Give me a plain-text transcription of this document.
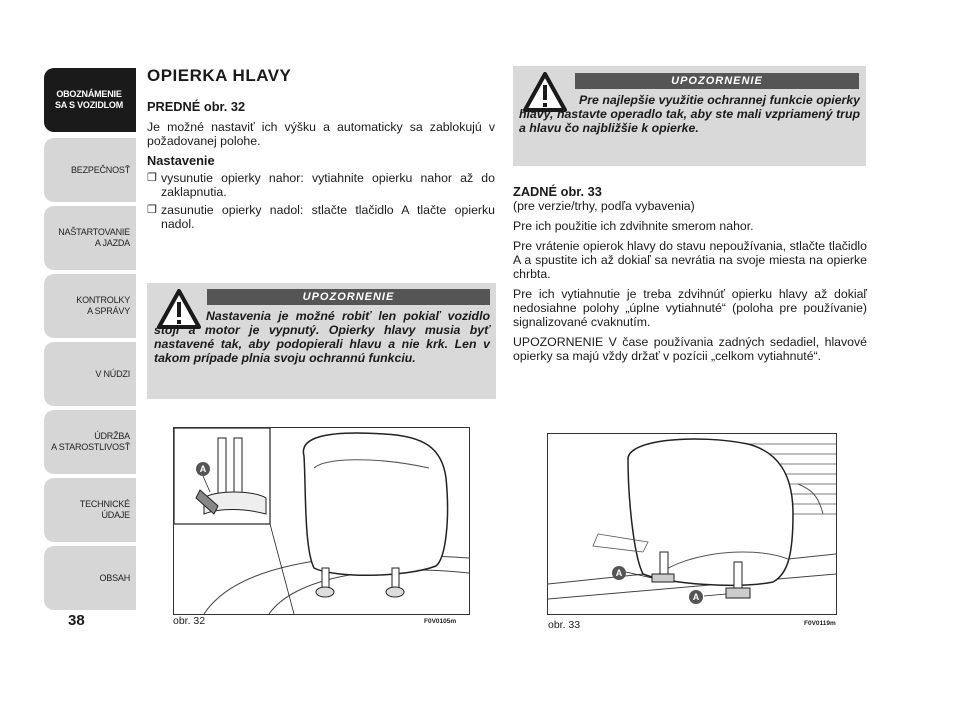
OBOZNÁMENIE
SA S VOZIDLOM
BEZPEČNOSŤ
NAŠTARTOVANIE
A JAZDA
KONTROLKY
A SPRÁVY
V NÚDZI
ÚDRŽBA
A STAROSTLIVOSŤ
TECHNICKÉ
ÚDAJE
OBSAH
38
OPIERKA HLAVY

PREDNÉ obr. 32

Je možné nastaviť ich výšku a automaticky sa zablokujú v požadovanej polohe.

Nastavenie

❐ vysunutie opierky nahor: vytiahnite opierku nahor až do zaklapnutia.
❐ zasunutie opierky nadol: stlačte tlačidlo A tlačte opierku nadol.
UPOZORNENIE
Nastavenia je možné robiť len pokiaľ vozidlo stojí a motor je vypnutý. Opierky hlavy musia byť nastavené tak, aby podopierali hlavu a nie krk. Len v takom prípade plnia svoju ochrannú funkciu.
UPOZORNENIE
Pre najlepšie využitie ochrannej funkcie opierky hlavy, nastavte operadlo tak, aby ste mali vzpriamený trup a hlavu čo najbližšie k opierke.
ZADNÉ obr. 33

(pre verzie/trhy, podľa vybavenia)

Pre ich použitie ich zdvihnite smerom nahor.

Pre vrátenie opierok hlavy do stavu nepoužívania, stlačte tlačidlo A a spustite ich až dokiaľ sa nevrátia na svoje miesta na opierke chrbta.

Pre ich vytiahnutie je treba zdvihnúť opierku hlavy až dokiaľ nedosiahne polohy „úplne vytiahnuté“ (poloha pre používanie) signalizované cvaknutím.

UPOZORNENIE V čase používania zadných sedadiel, hlavové opierky sa majú vždy držať v pozícii „celkom vytiahnuté“.

A
obr. 32	F0V0105m
A
A
obr. 33	F0V0119m
